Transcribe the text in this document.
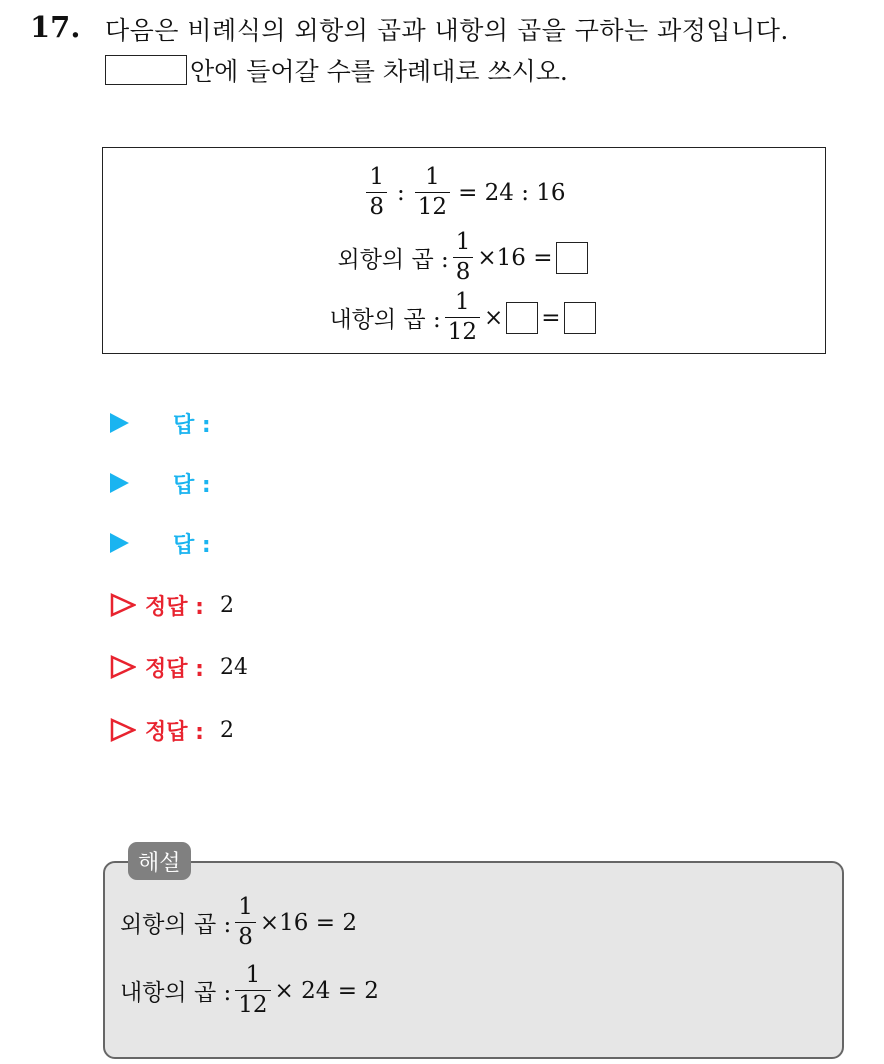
17. 다음은 비례식의 외항의 곱과 내항의 곱을 구하는 과정입니다.
안에 들어갈 수를 차례대로 쓰시오.
$\frac{1}{8}$ : $\frac{1}{12} = 24$ : 16
외항의 곱 : $\frac{1}{8} \times 16$ =
내항의 곱 : $\frac{1}{12}$ × =
답 :
답 :
답 :
정답 : 2
정답 : 24
정답 : 2
해설
외항의 곱 : $\frac{1}{8} \times 16 = 2$
내항의 곱 : $\frac{1}{12} \times 24 = 2$
